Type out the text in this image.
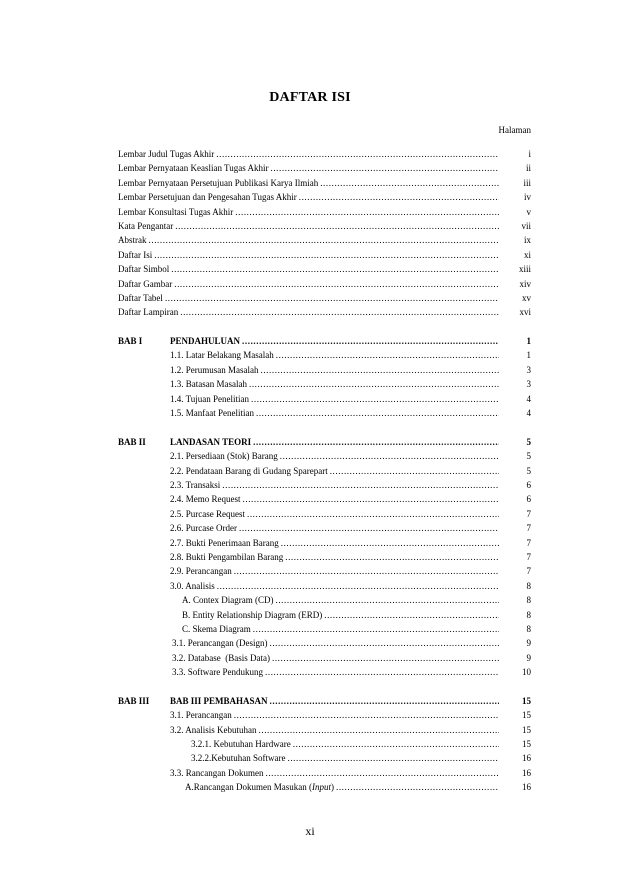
DAFTAR ISI
Halaman
Lembar Judul Tugas Akhir .....	i
Lembar Pernyataan Keaslian Tugas Akhir .....	ii
Lembar Pernyataan Persetujuan Publikasi Karya Ilmiah .....	iii
Lembar Persetujuan dan Pengesahan Tugas Akhir .....	iv
Lembar Konsultasi Tugas Akhir .....	v
Kata Pengantar .....	vii
Abstrak .....	ix
Daftar Isi .....	xi
Daftar Simbol .....	xiii
Daftar Gambar .....	xiv
Daftar Tabel .....	xv
Daftar Lampiran .....	xvi
BAB I	PENDAHULUAN .....	1
1.1. Latar Belakang Masalah .....	1
1.2. Perumusan Masalah .....	3
1.3. Batasan Masalah .....	3
1.4. Tujuan Penelitian .....	4
1.5. Manfaat Penelitian .....	4
BAB II	LANDASAN TEORI .....	5
2.1. Persediaan (Stok) Barang .....	5
2.2. Pendataan Barang di Gudang Sparepart .....	5
2.3. Transaksi .....	6
2.4. Memo Request .....	6
2.5. Purcase Request .....	7
2.6. Purcase Order .....	7
2.7. Bukti Penerimaan Barang .....	7
2.8. Bukti Pengambilan Barang .....	7
2.9. Perancangan .....	7
3.0. Analisis .....	8
A. Contex Diagram (CD) .....	8
B. Entity Relationship Diagram (ERD) .....	8
C. Skema Diagram .....	8
3.1. Perancangan (Design) .....	9
3.2. Database  (Basis Data) .....	9
3.3. Software Pendukung .....	10
BAB III	BAB III PEMBAHASAN .....	15
3.1. Perancangan .....	15
3.2. Analisis Kebutuhan .....	15
3.2.1. Kebutuhan Hardware .....	15
3.2.2.Kebutuhan Software .....	16
3.3. Rancangan Dokumen .....	16
A.Rancangan Dokumen Masukan (Input) .....	16
xi
